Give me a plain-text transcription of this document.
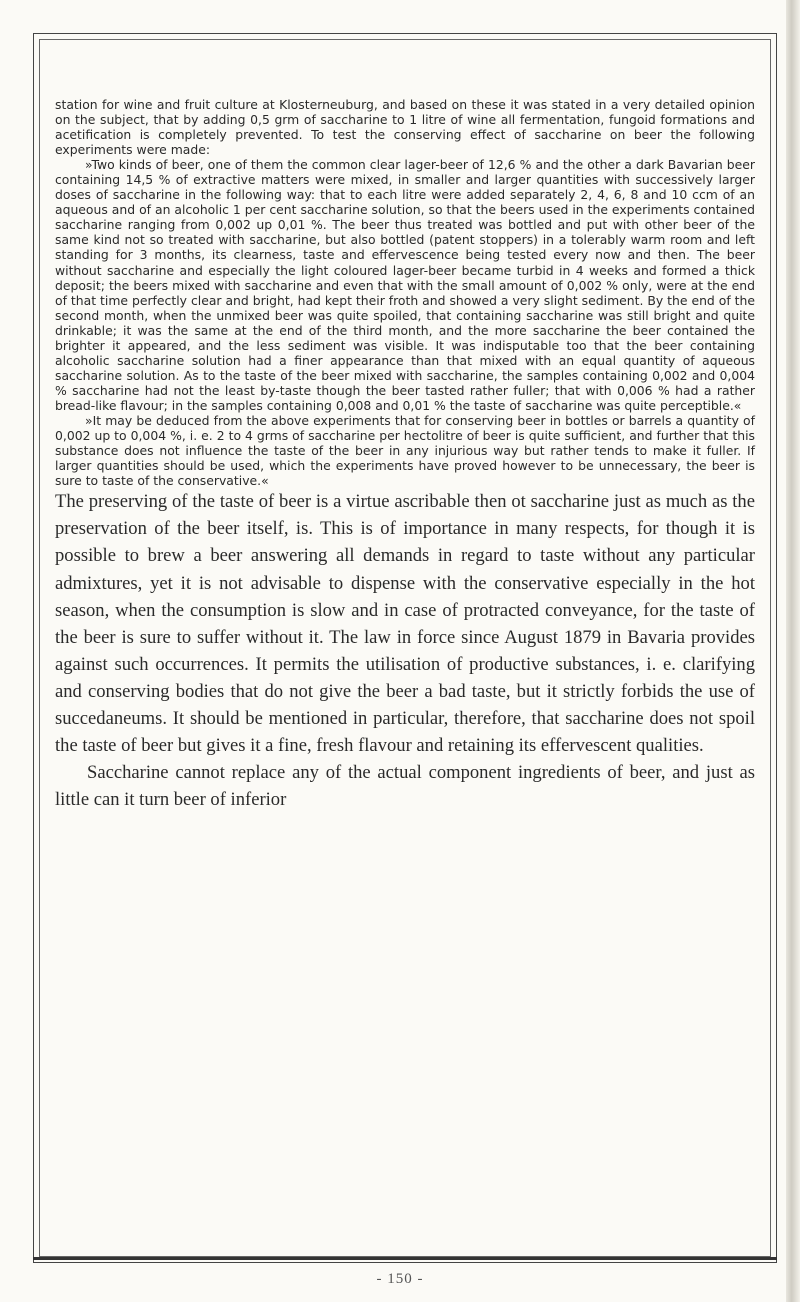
station for wine and fruit culture at Klosterneuburg, and based on these it was stated in a very detailed opinion on the subject, that by adding 0,5 grm of saccharine to 1 litre of wine all fermentation, fungoid formations and acetification is completely prevented. To test the conserving effect of saccharine on beer the following experiments were made:

»Two kinds of beer, one of them the common clear lager-beer of 12,6 % and the other a dark Bavarian beer containing 14,5 % of extractive matters were mixed, in smaller and larger quantities with successively larger doses of saccharine in the following way: that to each litre were added separately 2, 4, 6, 8 and 10 ccm of an aqueous and of an alcoholic 1 per cent saccharine solution, so that the beers used in the experiments contained saccharine ranging from 0,002 up 0,01 %. The beer thus treated was bottled and put with other beer of the same kind not so treated with saccharine, but also bottled (patent stoppers) in a tolerably warm room and left standing for 3 months, its clearness, taste and effervescence being tested every now and then. The beer without saccharine and especially the light coloured lager-beer became turbid in 4 weeks and formed a thick deposit; the beers mixed with saccharine and even that with the small amount of 0,002 % only, were at the end of that time perfectly clear and bright, had kept their froth and showed a very slight sediment. By the end of the second month, when the unmixed beer was quite spoiled, that containing saccharine was still bright and quite drinkable; it was the same at the end of the third month, and the more saccharine the beer contained the brighter it appeared, and the less sediment was visible. It was indisputable too that the beer containing alcoholic saccharine solution had a finer appearance than that mixed with an equal quantity of aqueous saccharine solution. As to the taste of the beer mixed with saccharine, the samples containing 0,002 and 0,004 % saccharine had not the least by-taste though the beer tasted rather fuller; that with 0,006 % had a rather bread-like flavour; in the samples containing 0,008 and 0,01 % the taste of saccharine was quite perceptible.«

»It may be deduced from the above experiments that for conserving beer in bottles or barrels a quantity of 0,002 up to 0,004 %, i. e. 2 to 4 grms of saccharine per hectolitre of beer is quite sufficient, and further that this substance does not influence the taste of the beer in any injurious way but rather tends to make it fuller. If larger quantities should be used, which the experiments have proved however to be unnecessary, the beer is sure to taste of the conservative.«

The preserving of the taste of beer is a virtue ascribable then ot saccharine just as much as the preservation of the beer itself, is. This is of importance in many respects, for though it is possible to brew a beer answering all demands in regard to taste without any particular admixtures, yet it is not advisable to dispense with the conservative especially in the hot season, when the consumption is slow and in case of protracted conveyance, for the taste of the beer is sure to suffer without it. The law in force since August 1879 in Bavaria provides against such occurrences. It permits the utilisation of productive substances, i. e. clarifying and conserving bodies that do not give the beer a bad taste, but it strictly forbids the use of succedaneums. It should be mentioned in particular, therefore, that saccharine does not spoil the taste of beer but gives it a fine, fresh flavour and retaining its effervescent qualities.

Saccharine cannot replace any of the actual component ingredients of beer, and just as little can it turn beer of inferior

- 150 -
